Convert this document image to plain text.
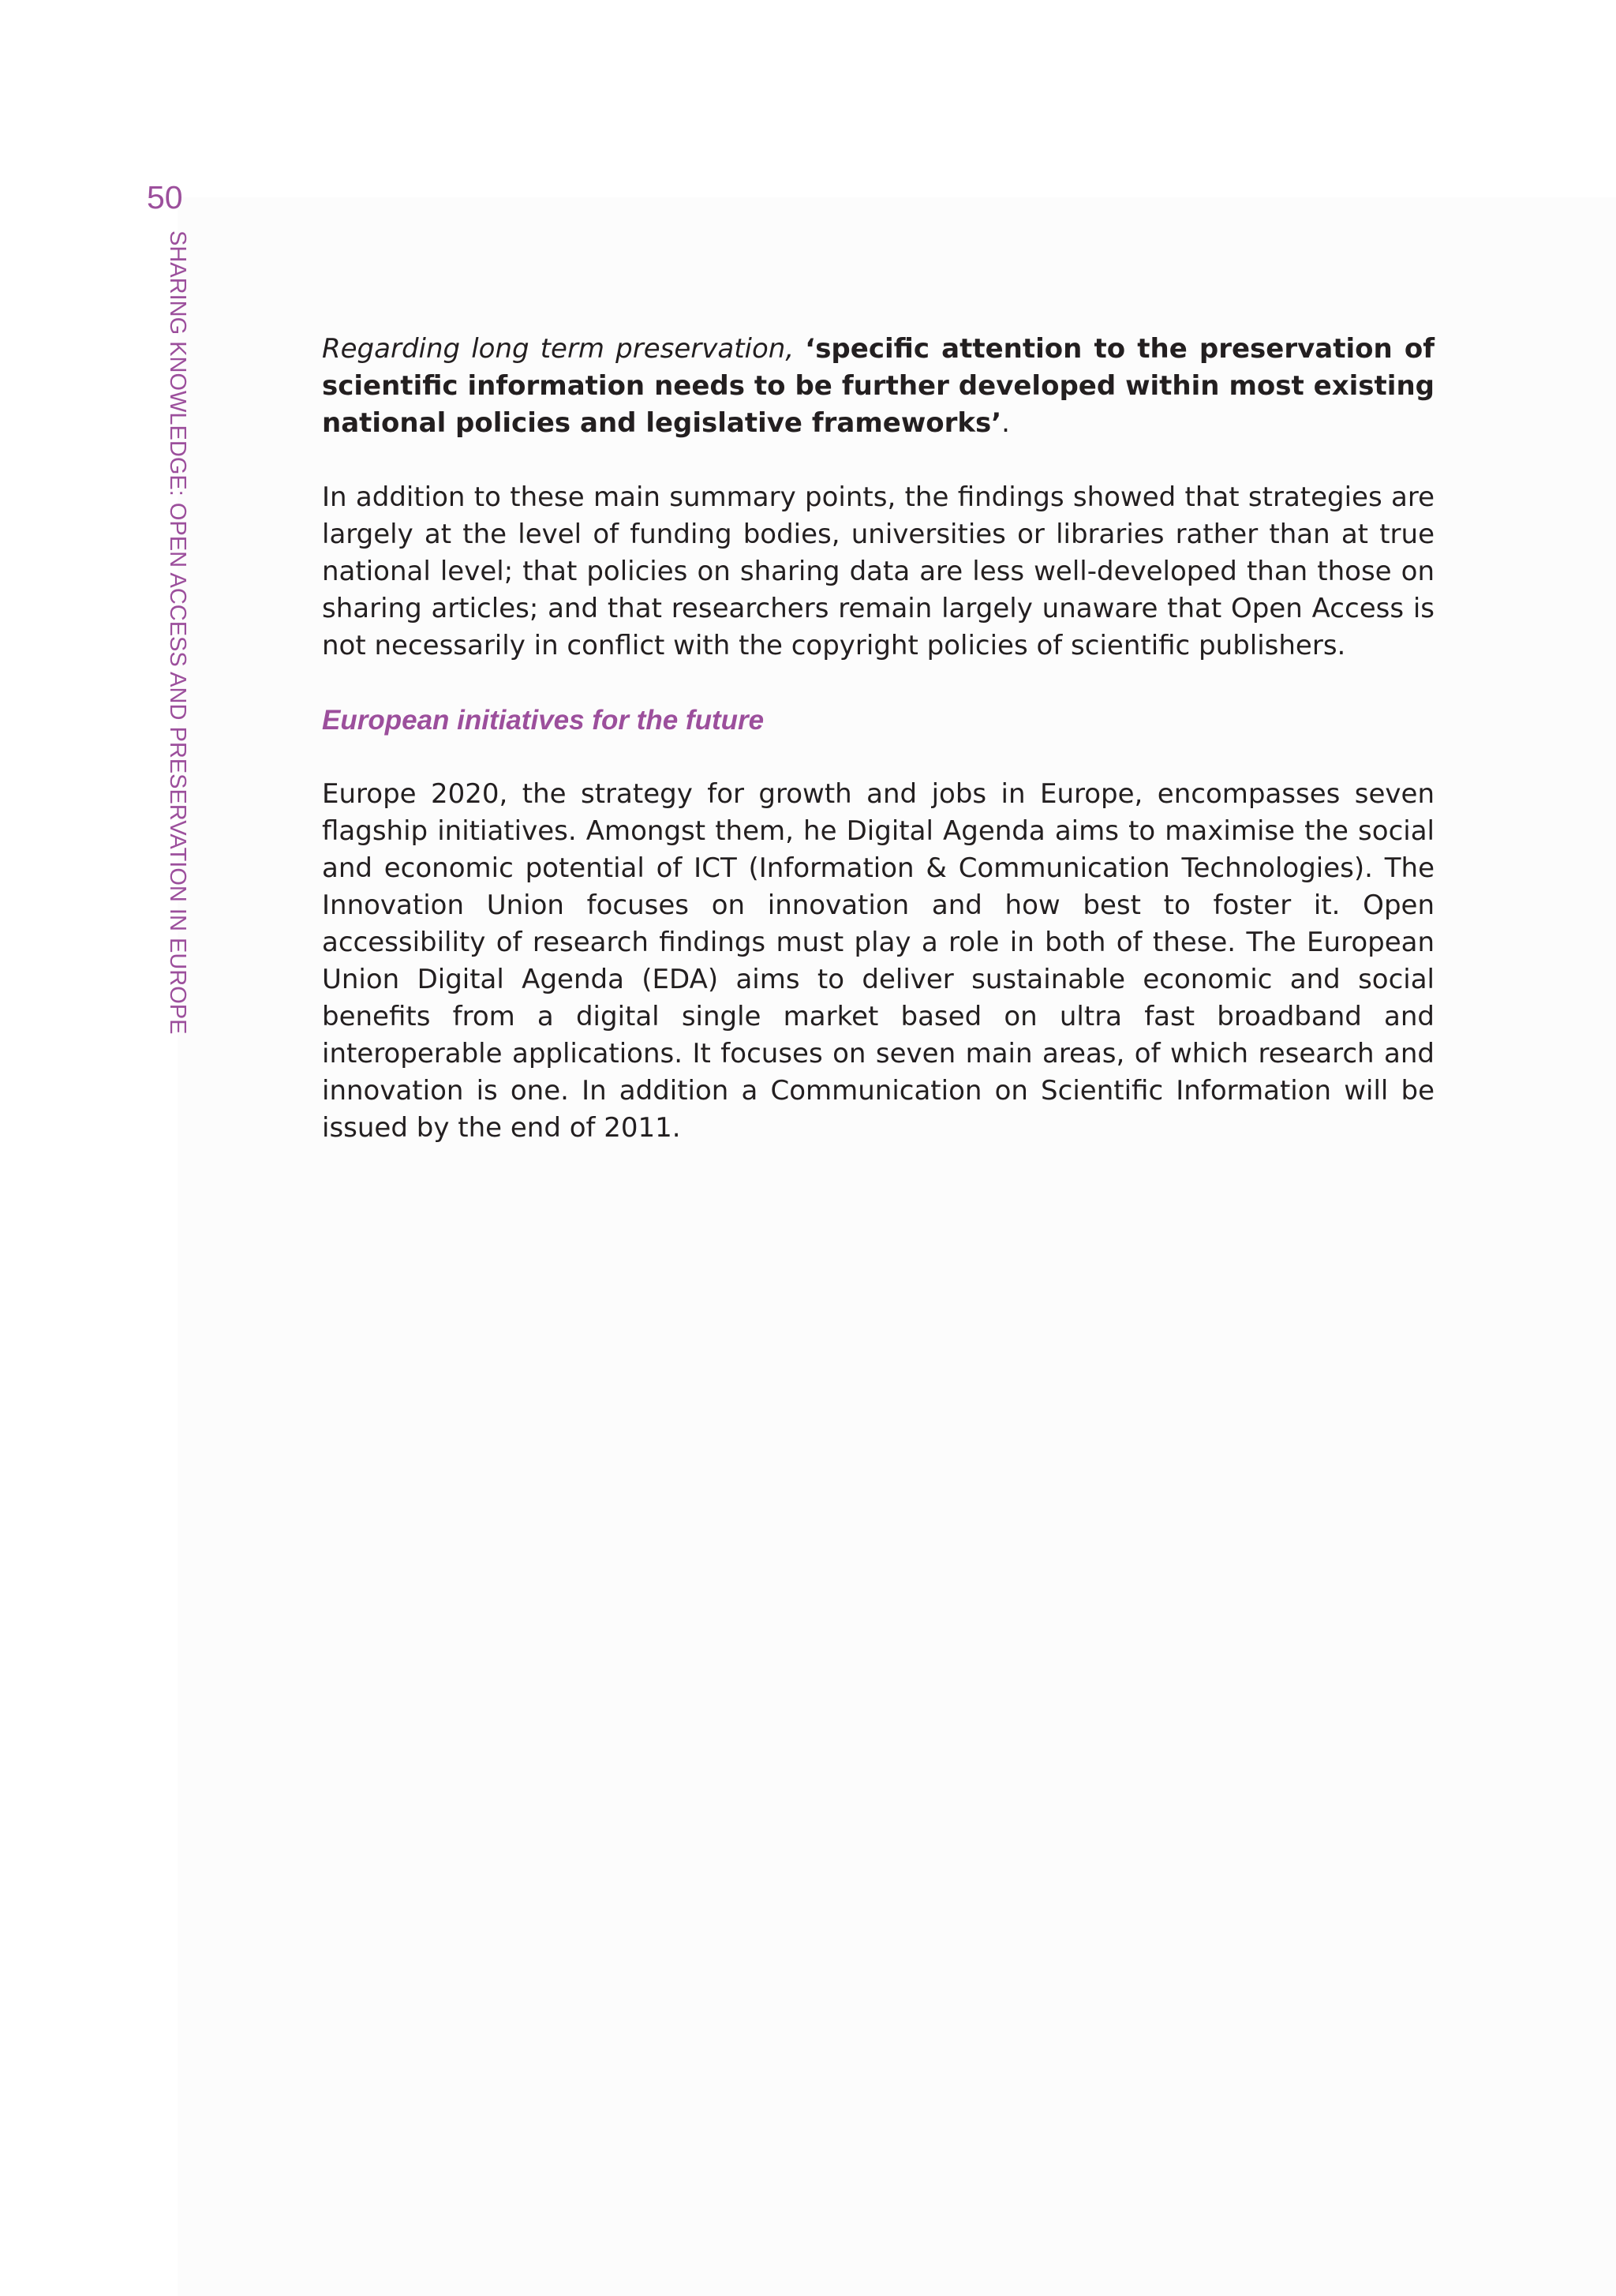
50
SHARING KNOWLEDGE: OPEN ACCESS AND PRESERVATION IN EUROPE	Regarding long term preservation, ‘specific attention to the preservation of scientific information needs to be further developed within most existing national policies and legislative frameworks’.

In addition to these main summary points, the findings showed that strategies are largely at the level of funding bodies, universities or libraries rather than at true national level; that policies on sharing data are less well-developed than those on sharing articles; and that researchers remain largely unaware that Open Access is not necessarily in conflict with the copyright policies of scientific publishers.

European initiatives for the future

Europe 2020, the strategy for growth and jobs in Europe, encompasses seven flagship initiatives. Amongst them, he Digital Agenda aims to maximise the social and economic potential of ICT (Information & Communication Technologies). The Innovation Union focuses on innovation and how best to foster it. Open accessibility of research findings must play a role in both of these. The European Union Digital Agenda (EDA) aims to deliver sustainable economic and social benefits from a digital single market based on ultra fast broadband and interoperable applications. It focuses on seven main areas, of which research and innovation is one. In addition a Communication on Scientific Information will be issued by the end of 2011.
